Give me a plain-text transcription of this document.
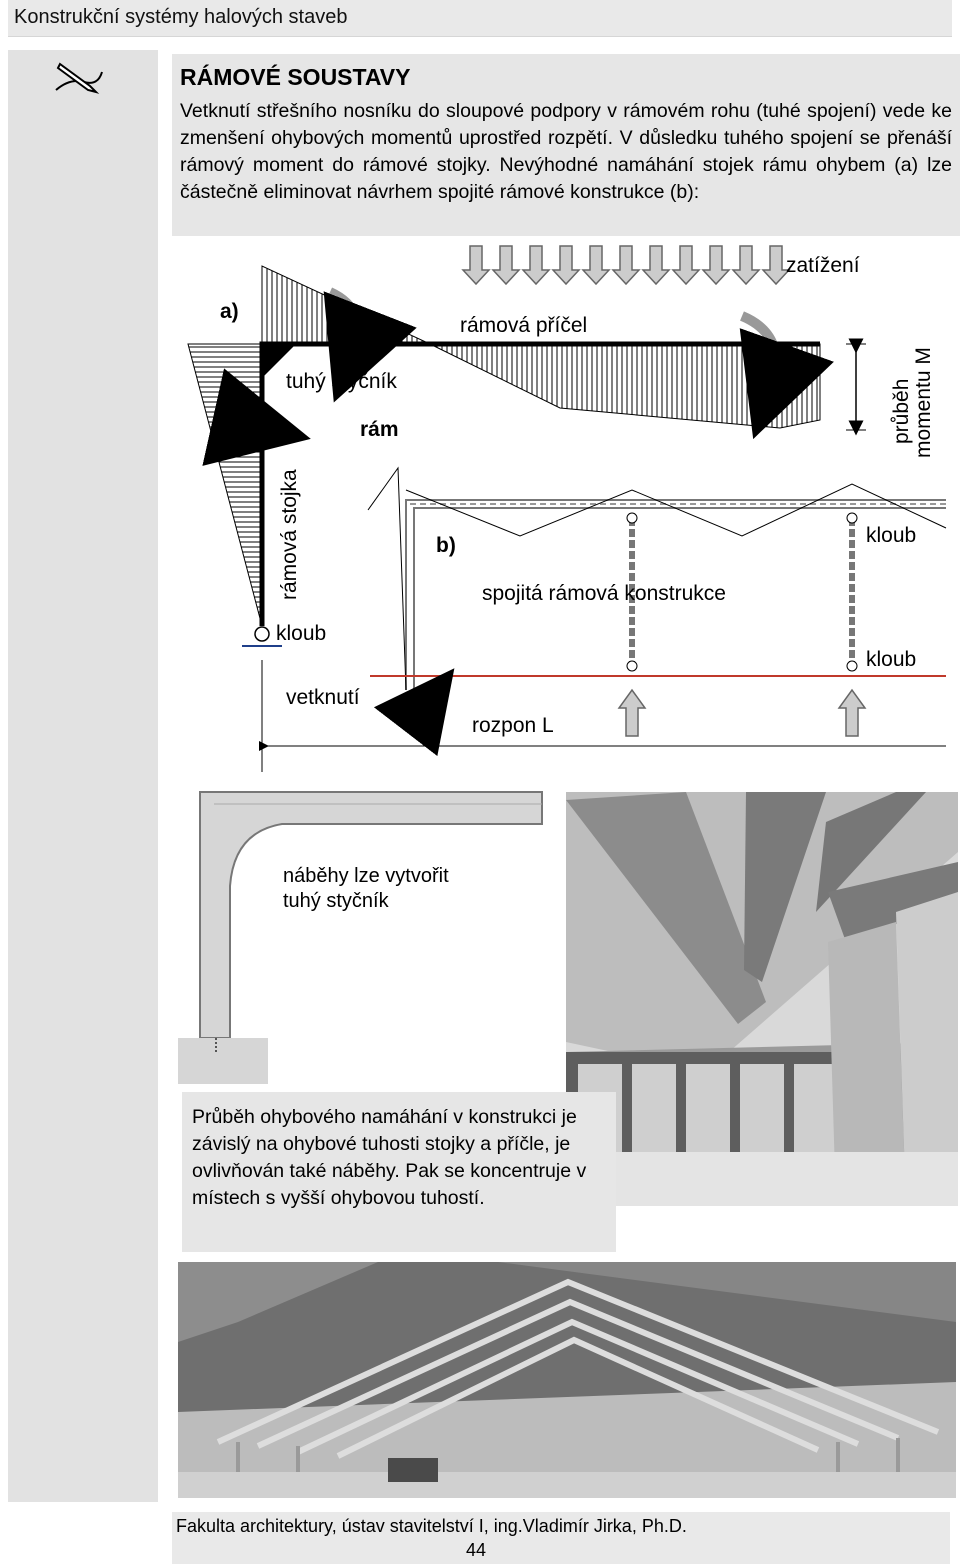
Konstrukční systémy halových staveb
RÁMOVÉ SOUSTAVY
Vetknutí střešního nosníku do sloupové podpory v rámovém rohu (tuhé spojení) vede ke zmenšení ohybových momentů uprostřed rozpětí. V důsledku tuhého spojení se přenáší rámový moment do rámové stojky. Nevýhodné namáhání stojek rámu ohybem (a) lze částečně eliminovat návrhem spojité rámové konstrukce (b):
zatížení
a)
rámová příčel
tuhý styčník
rám
rámová stojka
kloub
průběh momentu M
b)	kloub
kloub
spojitá rámová konstrukce
vetknutí
rozpon L
náběhy lze vytvořit
tuhý styčník
Průběh ohybového namáhání v konstrukci je závislý na ohybové tuhosti stojky a příčle, je ovlivňován také náběhy. Pak se koncentruje v místech s vyšší ohybovou tuhostí.
Fakulta architektury, ústav stavitelství I, ing.Vladimír Jirka, Ph.D.
44
